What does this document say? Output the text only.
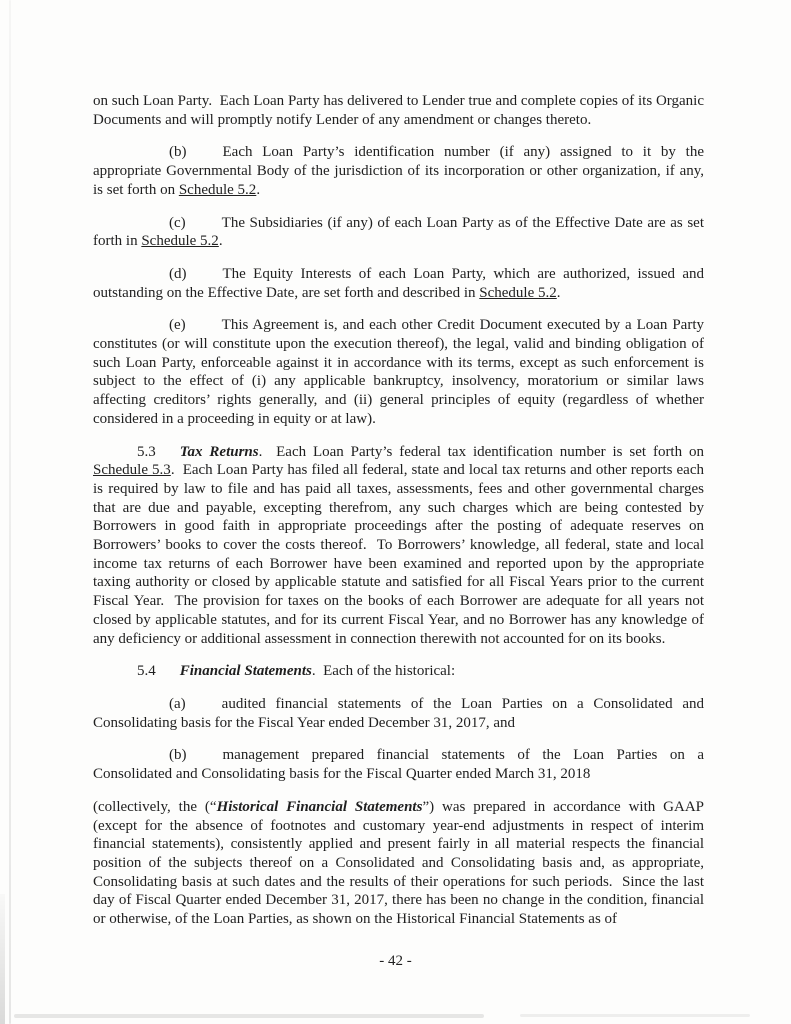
on such Loan Party.  Each Loan Party has delivered to Lender true and complete copies of its Organic Documents and will promptly notify Lender of any amendment or changes thereto.

(b) Each Loan Party’s identification number (if any) assigned to it by the appropriate Governmental Body of the jurisdiction of its incorporation or other organization, if any, is set forth on Schedule 5.2.

(c) The Subsidiaries (if any) of each Loan Party as of the Effective Date are as set forth in Schedule 5.2.

(d) The Equity Interests of each Loan Party, which are authorized, issued and outstanding on the Effective Date, are set forth and described in Schedule 5.2.

(e) This Agreement is, and each other Credit Document executed by a Loan Party constitutes (or will constitute upon the execution thereof), the legal, valid and binding obligation of such Loan Party, enforceable against it in accordance with its terms, except as such enforcement is subject to the effect of (i) any applicable bankruptcy, insolvency, moratorium or similar laws affecting creditors’ rights generally, and (ii) general principles of equity (regardless of whether considered in a proceeding in equity or at law).

5.3 Tax Returns.  Each Loan Party’s federal tax identification number is set forth on Schedule 5.3.  Each Loan Party has filed all federal, state and local tax returns and other reports each is required by law to file and has paid all taxes, assessments, fees and other governmental charges that are due and payable, excepting therefrom, any such charges which are being contested by Borrowers in good faith in appropriate proceedings after the posting of adequate reserves on Borrowers’ books to cover the costs thereof.  To Borrowers’ knowledge, all federal, state and local income tax returns of each Borrower have been examined and reported upon by the appropriate taxing authority or closed by applicable statute and satisfied for all Fiscal Years prior to the current Fiscal Year.  The provision for taxes on the books of each Borrower are adequate for all years not closed by applicable statutes, and for its current Fiscal Year, and no Borrower has any knowledge of any deficiency or additional assessment in connection therewith not accounted for on its books.

5.4 Financial Statements.  Each of the historical:

(a) audited financial statements of the Loan Parties on a Consolidated and Consolidating basis for the Fiscal Year ended December 31, 2017, and

(b) management prepared financial statements of the Loan Parties on a Consolidated and Consolidating basis for the Fiscal Quarter ended March 31, 2018

(collectively, the (“Historical Financial Statements”) was prepared in accordance with GAAP (except for the absence of footnotes and customary year-end adjustments in respect of interim financial statements), consistently applied and present fairly in all material respects the financial position of the subjects thereof on a Consolidated and Consolidating basis and, as appropriate, Consolidating basis at such dates and the results of their operations for such periods.  Since the last day of Fiscal Quarter ended December 31, 2017, there has been no change in the condition, financial or otherwise, of the Loan Parties, as shown on the Historical Financial Statements as of

- 42 -
